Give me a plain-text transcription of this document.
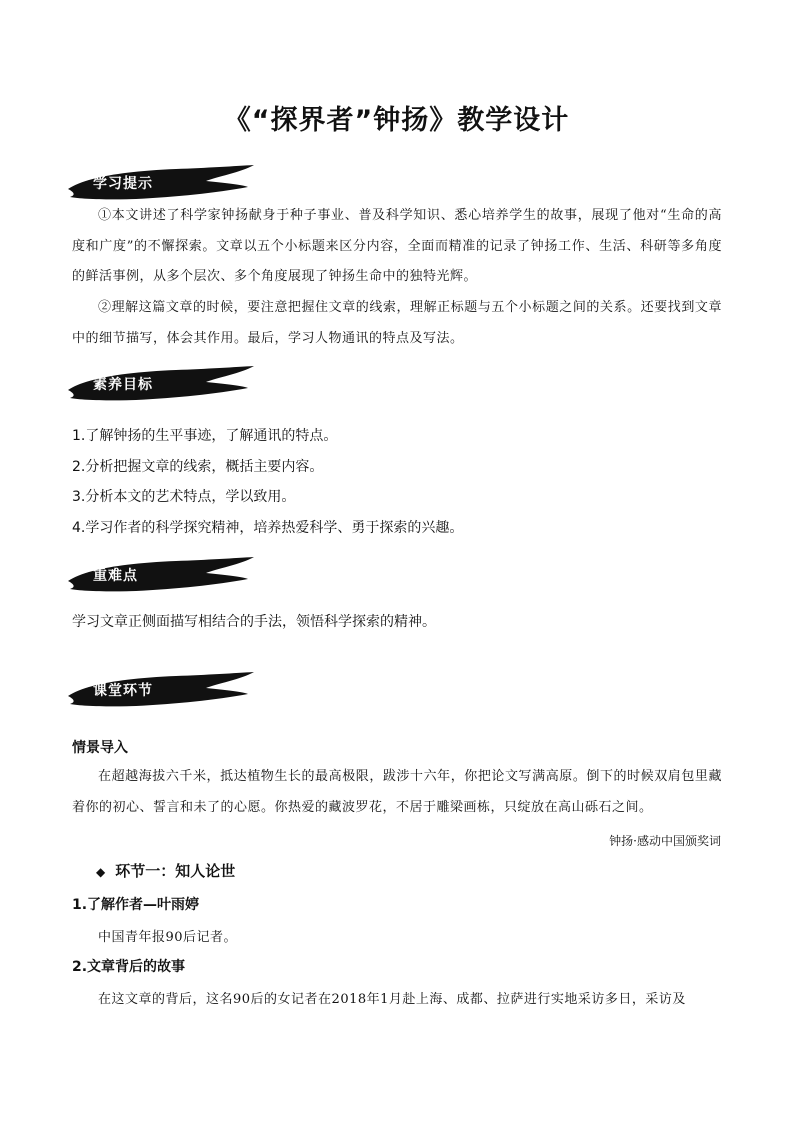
《“探界者”钟扬》教学设计
学习提示
①本文讲述了科学家钟扬献身于种子事业、普及科学知识、悉心培养学生的故事，展现了他对“生命的高度和广度”的不懈探索。文章以五个小标题来区分内容，全面而精准的记录了钟扬工作、生活、科研等多角度的鲜活事例，从多个层次、多个角度展现了钟扬生命中的独特光辉。
②理解这篇文章的时候，要注意把握住文章的线索，理解正标题与五个小标题之间的关系。还要找到文章中的细节描写，体会其作用。最后，学习人物通讯的特点及写法。
素养目标
1.了解钟扬的生平事迹，了解通讯的特点。
2.分析把握文章的线索，概括主要内容。
3.分析本文的艺术特点，学以致用。
4.学习作者的科学探究精神，培养热爱科学、勇于探索的兴趣。
重难点
学习文章正侧面描写相结合的手法，领悟科学探索的精神。
课堂环节
情景导入
在超越海拔六千米，抵达植物生长的最高极限，跋涉十六年，你把论文写满高原。倒下的时候双肩包里藏着你的初心、誓言和未了的心愿。你热爱的藏波罗花，不居于雕梁画栋，只绽放在高山砾石之间。
钟扬·感动中国颁奖词
◆ 环节一：知人论世
1.了解作者—叶雨婷
中国青年报90后记者。
2.文章背后的故事
在这文章的背后，这名90后的女记者在2018年1月赴上海、成都、拉萨进行实地采访多日，采访及
